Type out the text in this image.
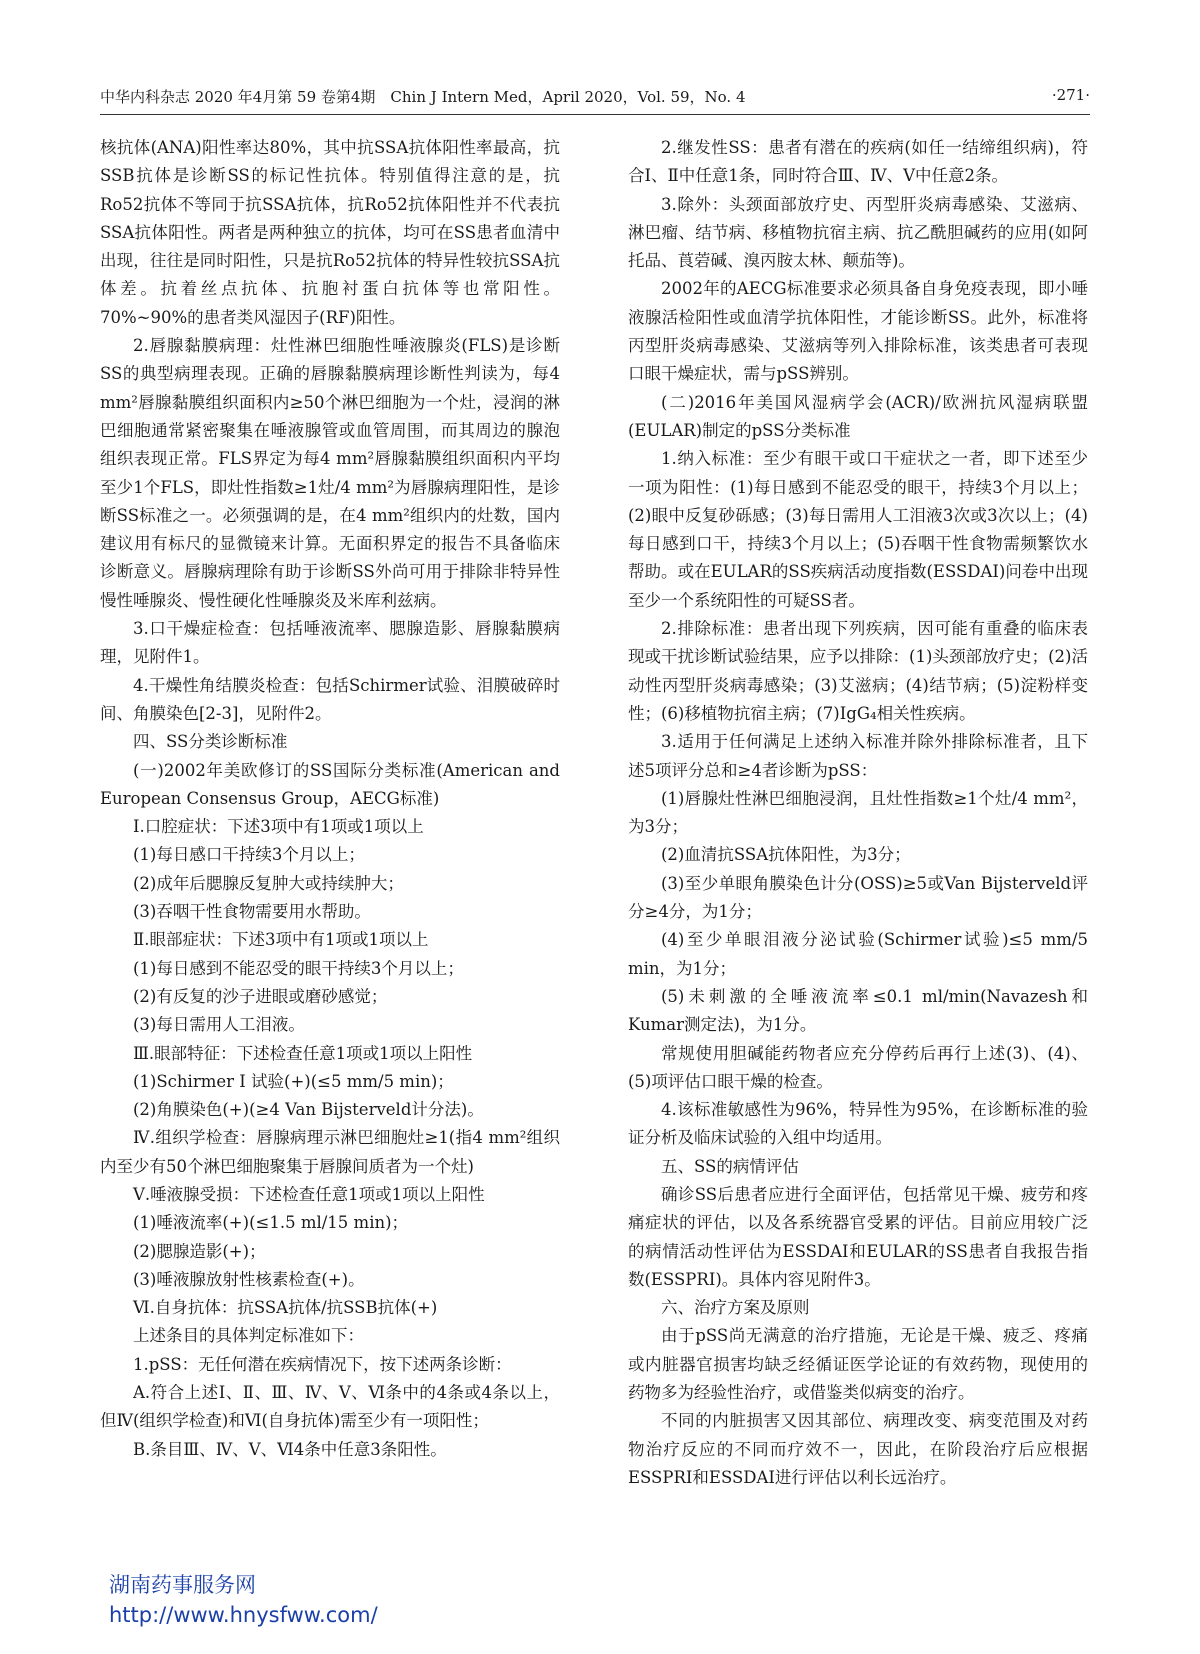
中华内科杂志 2020 年4月第 59 卷第4期　Chin J Intern Med，April 2020，Vol. 59，No. 4	·271·

核抗体(ANA)阳性率达80%，其中抗SSA抗体阳性率最高，抗SSB抗体是诊断SS的标记性抗体。特别值得注意的是，抗Ro52抗体不等同于抗SSA抗体，抗Ro52抗体阳性并不代表抗SSA抗体阳性。两者是两种独立的抗体，均可在SS患者血清中出现，往往是同时阳性，只是抗Ro52抗体的特异性较抗SSA抗体差。抗着丝点抗体、抗胞衬蛋白抗体等也常阳性。70%~90%的患者类风湿因子(RF)阳性。

2.唇腺黏膜病理：灶性淋巴细胞性唾液腺炎(FLS)是诊断SS的典型病理表现。正确的唇腺黏膜病理诊断性判读为，每4 mm²唇腺黏膜组织面积内≥50个淋巴细胞为一个灶，浸润的淋巴细胞通常紧密聚集在唾液腺管或血管周围，而其周边的腺泡组织表现正常。FLS界定为每4 mm²唇腺黏膜组织面积内平均至少1个FLS，即灶性指数≥1灶/4 mm²为唇腺病理阳性，是诊断SS标准之一。必须强调的是，在4 mm²组织内的灶数，国内建议用有标尺的显微镜来计算。无面积界定的报告不具备临床诊断意义。唇腺病理除有助于诊断SS外尚可用于排除非特异性慢性唾腺炎、慢性硬化性唾腺炎及米库利兹病。

3.口干燥症检查：包括唾液流率、腮腺造影、唇腺黏膜病理，见附件1。

4.干燥性角结膜炎检查：包括Schirmer试验、泪膜破碎时间、角膜染色[2-3]，见附件2。

四、SS分类诊断标准

(一)2002年美欧修订的SS国际分类标准(American and European Consensus Group，AECG标准)

Ⅰ.口腔症状：下述3项中有1项或1项以上

(1)每日感口干持续3个月以上；

(2)成年后腮腺反复肿大或持续肿大；

(3)吞咽干性食物需要用水帮助。

Ⅱ.眼部症状：下述3项中有1项或1项以上

(1)每日感到不能忍受的眼干持续3个月以上；

(2)有反复的沙子进眼或磨砂感觉；

(3)每日需用人工泪液。

Ⅲ.眼部特征：下述检查任意1项或1项以上阳性

(1)Schirmer Ⅰ 试验(+)(≤5 mm/5 min)；

(2)角膜染色(+)(≥4 Van Bijsterveld计分法)。

Ⅳ.组织学检查：唇腺病理示淋巴细胞灶≥1(指4 mm²组织内至少有50个淋巴细胞聚集于唇腺间质者为一个灶)

Ⅴ.唾液腺受损：下述检查任意1项或1项以上阳性

(1)唾液流率(+)(≤1.5 ml/15 min)；

(2)腮腺造影(+)；

(3)唾液腺放射性核素检查(+)。

Ⅵ.自身抗体：抗SSA抗体/抗SSB抗体(+)

上述条目的具体判定标准如下：

1.pSS：无任何潜在疾病情况下，按下述两条诊断：

A.符合上述Ⅰ、Ⅱ、Ⅲ、Ⅳ、Ⅴ、Ⅵ条中的4条或4条以上，但Ⅳ(组织学检查)和Ⅵ(自身抗体)需至少有一项阳性；

B.条目Ⅲ、Ⅳ、Ⅴ、Ⅵ4条中任意3条阳性。

2.继发性SS：患者有潜在的疾病(如任一结缔组织病)，符合Ⅰ、Ⅱ中任意1条，同时符合Ⅲ、Ⅳ、Ⅴ中任意2条。

3.除外：头颈面部放疗史、丙型肝炎病毒感染、艾滋病、淋巴瘤、结节病、移植物抗宿主病、抗乙酰胆碱药的应用(如阿托品、莨菪碱、溴丙胺太林、颠茄等)。

2002年的AECG标准要求必须具备自身免疫表现，即小唾液腺活检阳性或血清学抗体阳性，才能诊断SS。此外，标准将丙型肝炎病毒感染、艾滋病等列入排除标准，该类患者可表现口眼干燥症状，需与pSS辨别。

(二)2016年美国风湿病学会(ACR)/欧洲抗风湿病联盟(EULAR)制定的pSS分类标准

1.纳入标准：至少有眼干或口干症状之一者，即下述至少一项为阳性：(1)每日感到不能忍受的眼干，持续3个月以上；(2)眼中反复砂砾感；(3)每日需用人工泪液3次或3次以上；(4)每日感到口干，持续3个月以上；(5)吞咽干性食物需频繁饮水帮助。或在EULAR的SS疾病活动度指数(ESSDAI)问卷中出现至少一个系统阳性的可疑SS者。

2.排除标准：患者出现下列疾病，因可能有重叠的临床表现或干扰诊断试验结果，应予以排除：(1)头颈部放疗史；(2)活动性丙型肝炎病毒感染；(3)艾滋病；(4)结节病；(5)淀粉样变性；(6)移植物抗宿主病；(7)IgG₄相关性疾病。

3.适用于任何满足上述纳入标准并除外排除标准者，且下述5项评分总和≥4者诊断为pSS：

(1)唇腺灶性淋巴细胞浸润，且灶性指数≥1个灶/4 mm²，为3分；

(2)血清抗SSA抗体阳性，为3分；

(3)至少单眼角膜染色计分(OSS)≥5或Van Bijsterveld评分≥4分，为1分；

(4)至少单眼泪液分泌试验(Schirmer试验)≤5 mm/5 min，为1分；

(5)未刺激的全唾液流率≤0.1 ml/min(Navazesh和Kumar测定法)，为1分。

常规使用胆碱能药物者应充分停药后再行上述(3)、(4)、(5)项评估口眼干燥的检查。

4.该标准敏感性为96%，特异性为95%，在诊断标准的验证分析及临床试验的入组中均适用。

五、SS的病情评估

确诊SS后患者应进行全面评估，包括常见干燥、疲劳和疼痛症状的评估，以及各系统器官受累的评估。目前应用较广泛的病情活动性评估为ESSDAI和EULAR的SS患者自我报告指数(ESSPRI)。具体内容见附件3。

六、治疗方案及原则

由于pSS尚无满意的治疗措施，无论是干燥、疲乏、疼痛或内脏器官损害均缺乏经循证医学论证的有效药物，现使用的药物多为经验性治疗，或借鉴类似病变的治疗。

不同的内脏损害又因其部位、病理改变、病变范围及对药物治疗反应的不同而疗效不一，因此，在阶段治疗后应根据ESSPRI和ESSDAI进行评估以利长远治疗。

湖南药事服务网
http://www.hnysfww.com/
